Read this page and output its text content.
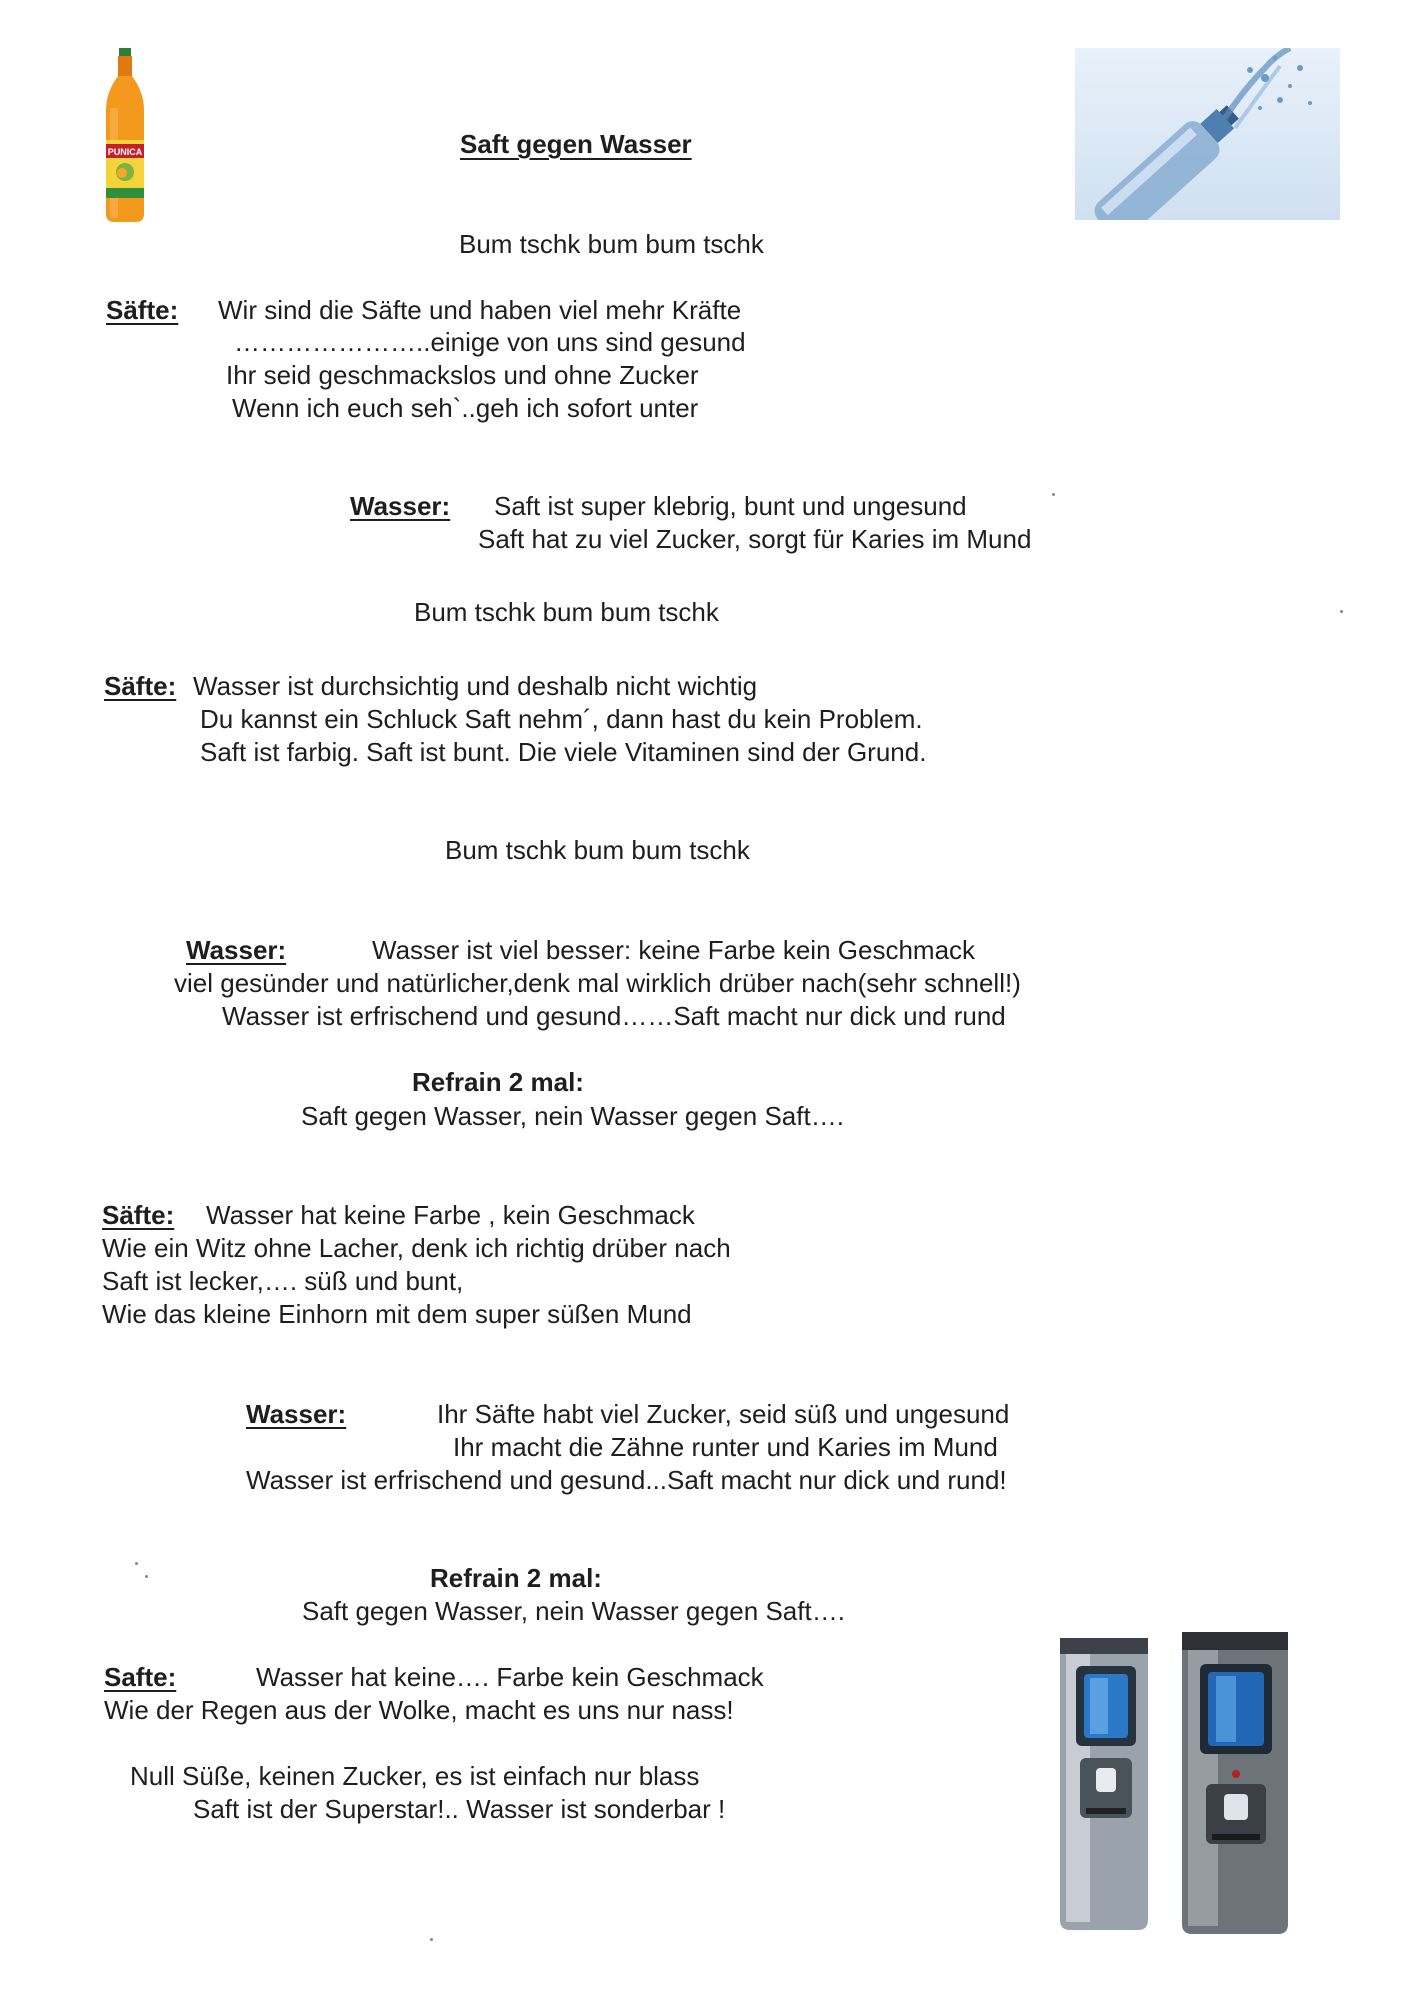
PUNICA	Saft gegen Wasser
Bum tschk bum bum tschk
Säfte: Wir sind die Säfte und haben viel mehr Kräfte
…………………..einige von uns sind gesund
Ihr seid geschmackslos und ohne Zucker
Wenn ich euch seh`..geh ich sofort unter
Wasser: Saft ist super klebrig, bunt und ungesund
Saft hat zu viel Zucker, sorgt für Karies im Mund
Bum tschk bum bum tschk
Säfte: Wasser ist durchsichtig und deshalb nicht wichtig
Du kannst ein Schluck Saft nehm´, dann hast du kein Problem.
Saft ist farbig. Saft ist bunt. Die viele Vitaminen sind der Grund.
Bum tschk bum bum tschk
Wasser:	Wasser ist viel besser: keine Farbe kein Geschmack
viel gesünder und natürlicher,denk mal wirklich drüber nach(sehr schnell!)
Wasser ist erfrischend und gesund……Saft macht nur dick und rund
Refrain 2 mal:
Saft gegen Wasser, nein Wasser gegen Saft….
Säfte: Wasser hat keine Farbe , kein Geschmack
Wie ein Witz ohne Lacher, denk ich richtig drüber nach
Saft ist lecker,…. süß und bunt,
Wie das kleine Einhorn mit dem super süßen Mund
Wasser:	Ihr Säfte habt viel Zucker, seid süß und ungesund
Ihr macht die Zähne runter und Karies im Mund
Wasser ist erfrischend und gesund...Saft macht nur dick und rund!
Refrain 2 mal:
Saft gegen Wasser, nein Wasser gegen Saft….
Safte:	Wasser hat keine…. Farbe kein Geschmack
Wie der Regen aus der Wolke, macht es uns nur nass!
Null Süße, keinen Zucker, es ist einfach nur blass
Saft ist der Superstar!.. Wasser ist sonderbar !
